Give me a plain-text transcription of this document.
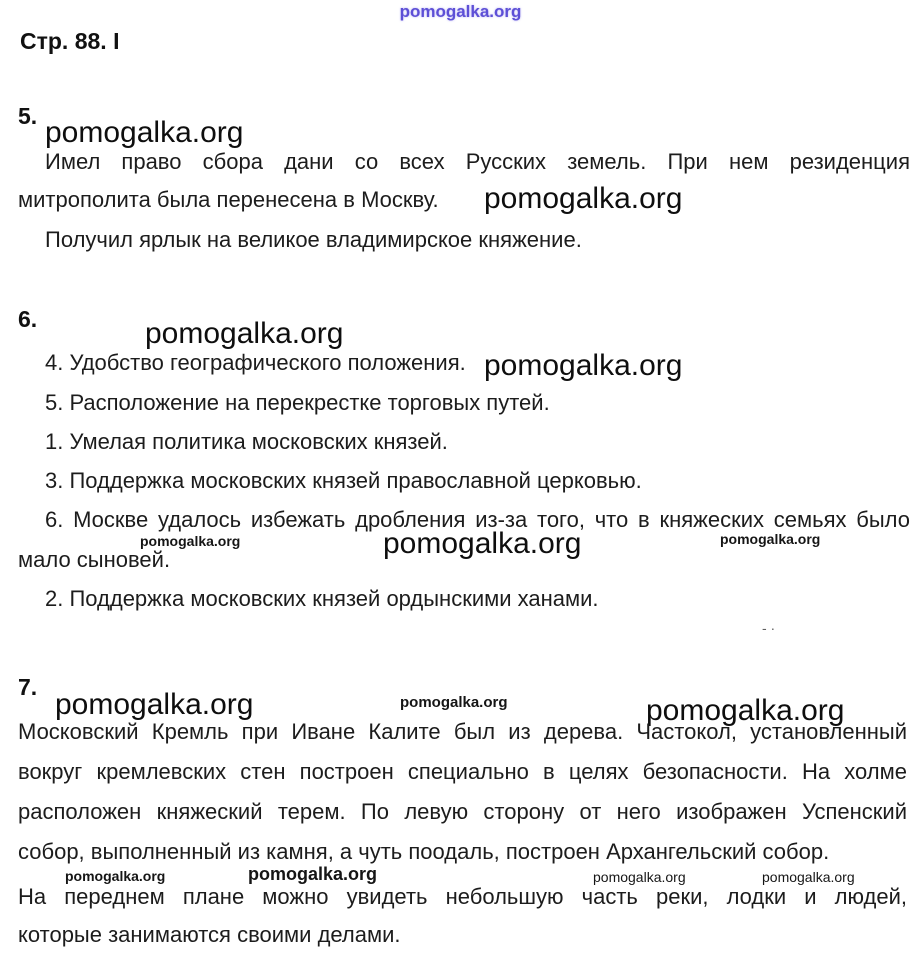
pomogalka.org
Стр. 88. I
5. pomogalka.org
Имел право сбора дани со всех Русских земель. При нем резиденция
митрополита была перенесена в Москву. pomogalka.org
Получил ярлык на великое владимирское княжение.
6.	pomogalka.org
4. Удобство географического положения. pomogalka.org
5. Расположение на перекрестке торговых путей.
1. Умелая политика московских князей.
3. Поддержка московских князей православной церковью.
6. Москве удалось избежать дробления из-за того, что в княжеских семьях было
pomogalka.org	pomogalka.org	pomogalka.org
мало сыновей.
2. Поддержка московских князей ордынскими ханами.
- ·
7.
pomogalka.org	pomogalka.org	pomogalka.org
Московский Кремль при Иване Калите был из дерева. Частокол, установленный
вокруг кремлевских стен построен специально в целях безопасности. На холме
расположен княжеский терем. По левую сторону от него изображен Успенский
собор, выполненный из камня, а чуть поодаль, построен Архангельский собор.
pomogalka.org	pomogalka.org	pomogalka.org	pomogalka.org
На переднем плане можно увидеть небольшую часть реки, лодки и людей,
которые занимаются своими делами.
